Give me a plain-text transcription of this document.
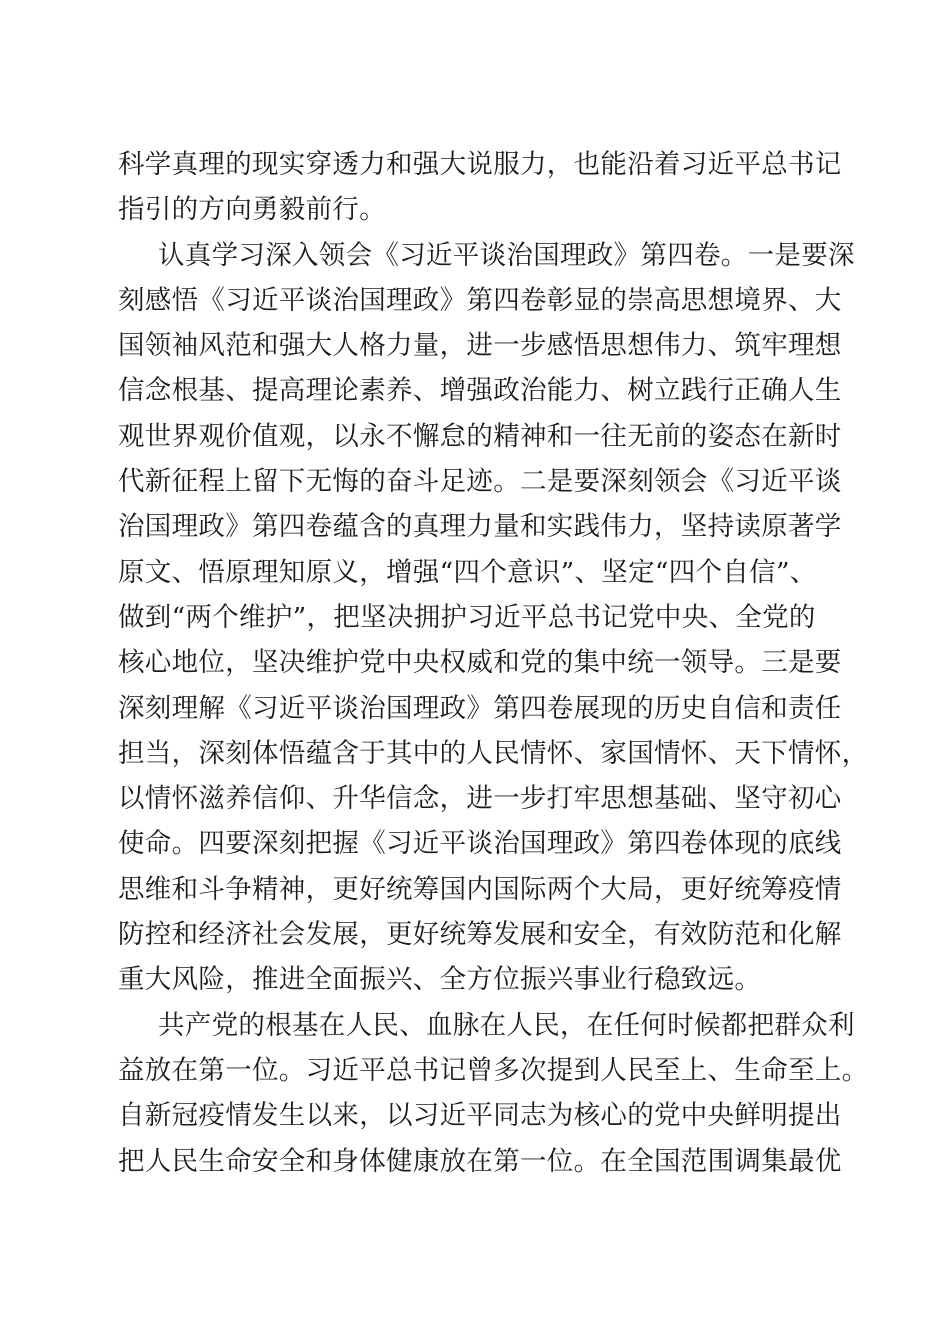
科学真理的现实穿透力和强大说服力，也能沿着习近平总书记
指引的方向勇毅前行。
认真学习深入领会《习近平谈治国理政》第四卷。一是要深
刻感悟《习近平谈治国理政》第四卷彰显的崇高思想境界、大
国领袖风范和强大人格力量，进一步感悟思想伟力、筑牢理想
信念根基、提高理论素养、增强政治能力、树立践行正确人生
观世界观价值观，以永不懈怠的精神和一往无前的姿态在新时
代新征程上留下无悔的奋斗足迹。二是要深刻领会《习近平谈
治国理政》第四卷蕴含的真理力量和实践伟力，坚持读原著学
原文、悟原理知原义，增强“四个意识”、坚定“四个自信”、
做到“两个维护”，把坚决拥护习近平总书记党中央、全党的
核心地位，坚决维护党中央权威和党的集中统一领导。三是要
深刻理解《习近平谈治国理政》第四卷展现的历史自信和责任
担当，深刻体悟蕴含于其中的人民情怀、家国情怀、天下情怀，
以情怀滋养信仰、升华信念，进一步打牢思想基础、坚守初心
使命。四要深刻把握《习近平谈治国理政》第四卷体现的底线
思维和斗争精神，更好统筹国内国际两个大局，更好统筹疫情
防控和经济社会发展，更好统筹发展和安全，有效防范和化解
重大风险，推进全面振兴、全方位振兴事业行稳致远。
共产党的根基在人民、血脉在人民，在任何时候都把群众利
益放在第一位。习近平总书记曾多次提到人民至上、生命至上。
自新冠疫情发生以来，以习近平同志为核心的党中央鲜明提出
把人民生命安全和身体健康放在第一位。在全国范围调集最优
